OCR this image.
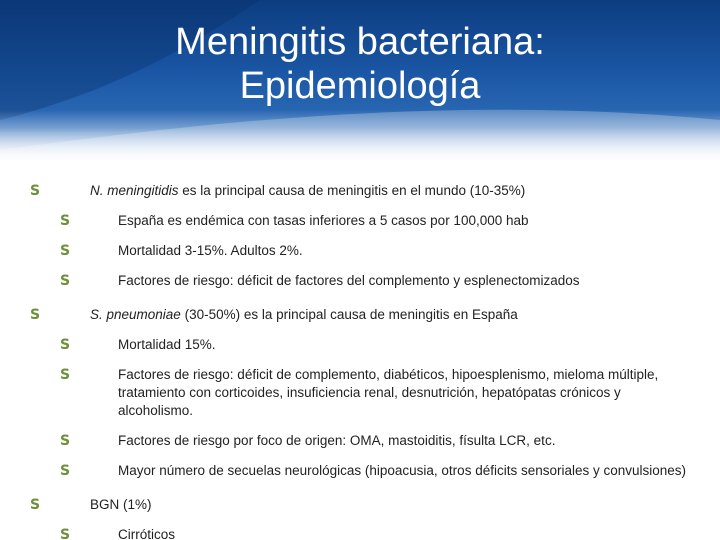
Meningitis bacteriana:
Epidemiología
S	N. meningitidis es la principal causa de meningitis en el mundo (10-35%)
S	España es endémica con tasas inferiores a 5 casos por 100,000 hab
S	Mortalidad 3-15%. Adultos 2%.
S	Factores de riesgo: déficit de factores del complemento y esplenectomizados
S	S. pneumoniae (30-50%) es la principal causa de meningitis en España
S	Mortalidad 15%.
S	Factores de riesgo: déficit de complemento, diabéticos, hipoesplenismo, mieloma múltiple, tratamiento con corticoides, insuficiencia renal, desnutrición, hepatópatas crónicos y alcoholismo.
S	Factores de riesgo por foco de origen: OMA, mastoiditis, físulta LCR, etc.
S	Mayor número de secuelas neurológicas (hipoacusia, otros déficits sensoriales y convulsiones)
S	BGN (1%)
S	Cirróticos
